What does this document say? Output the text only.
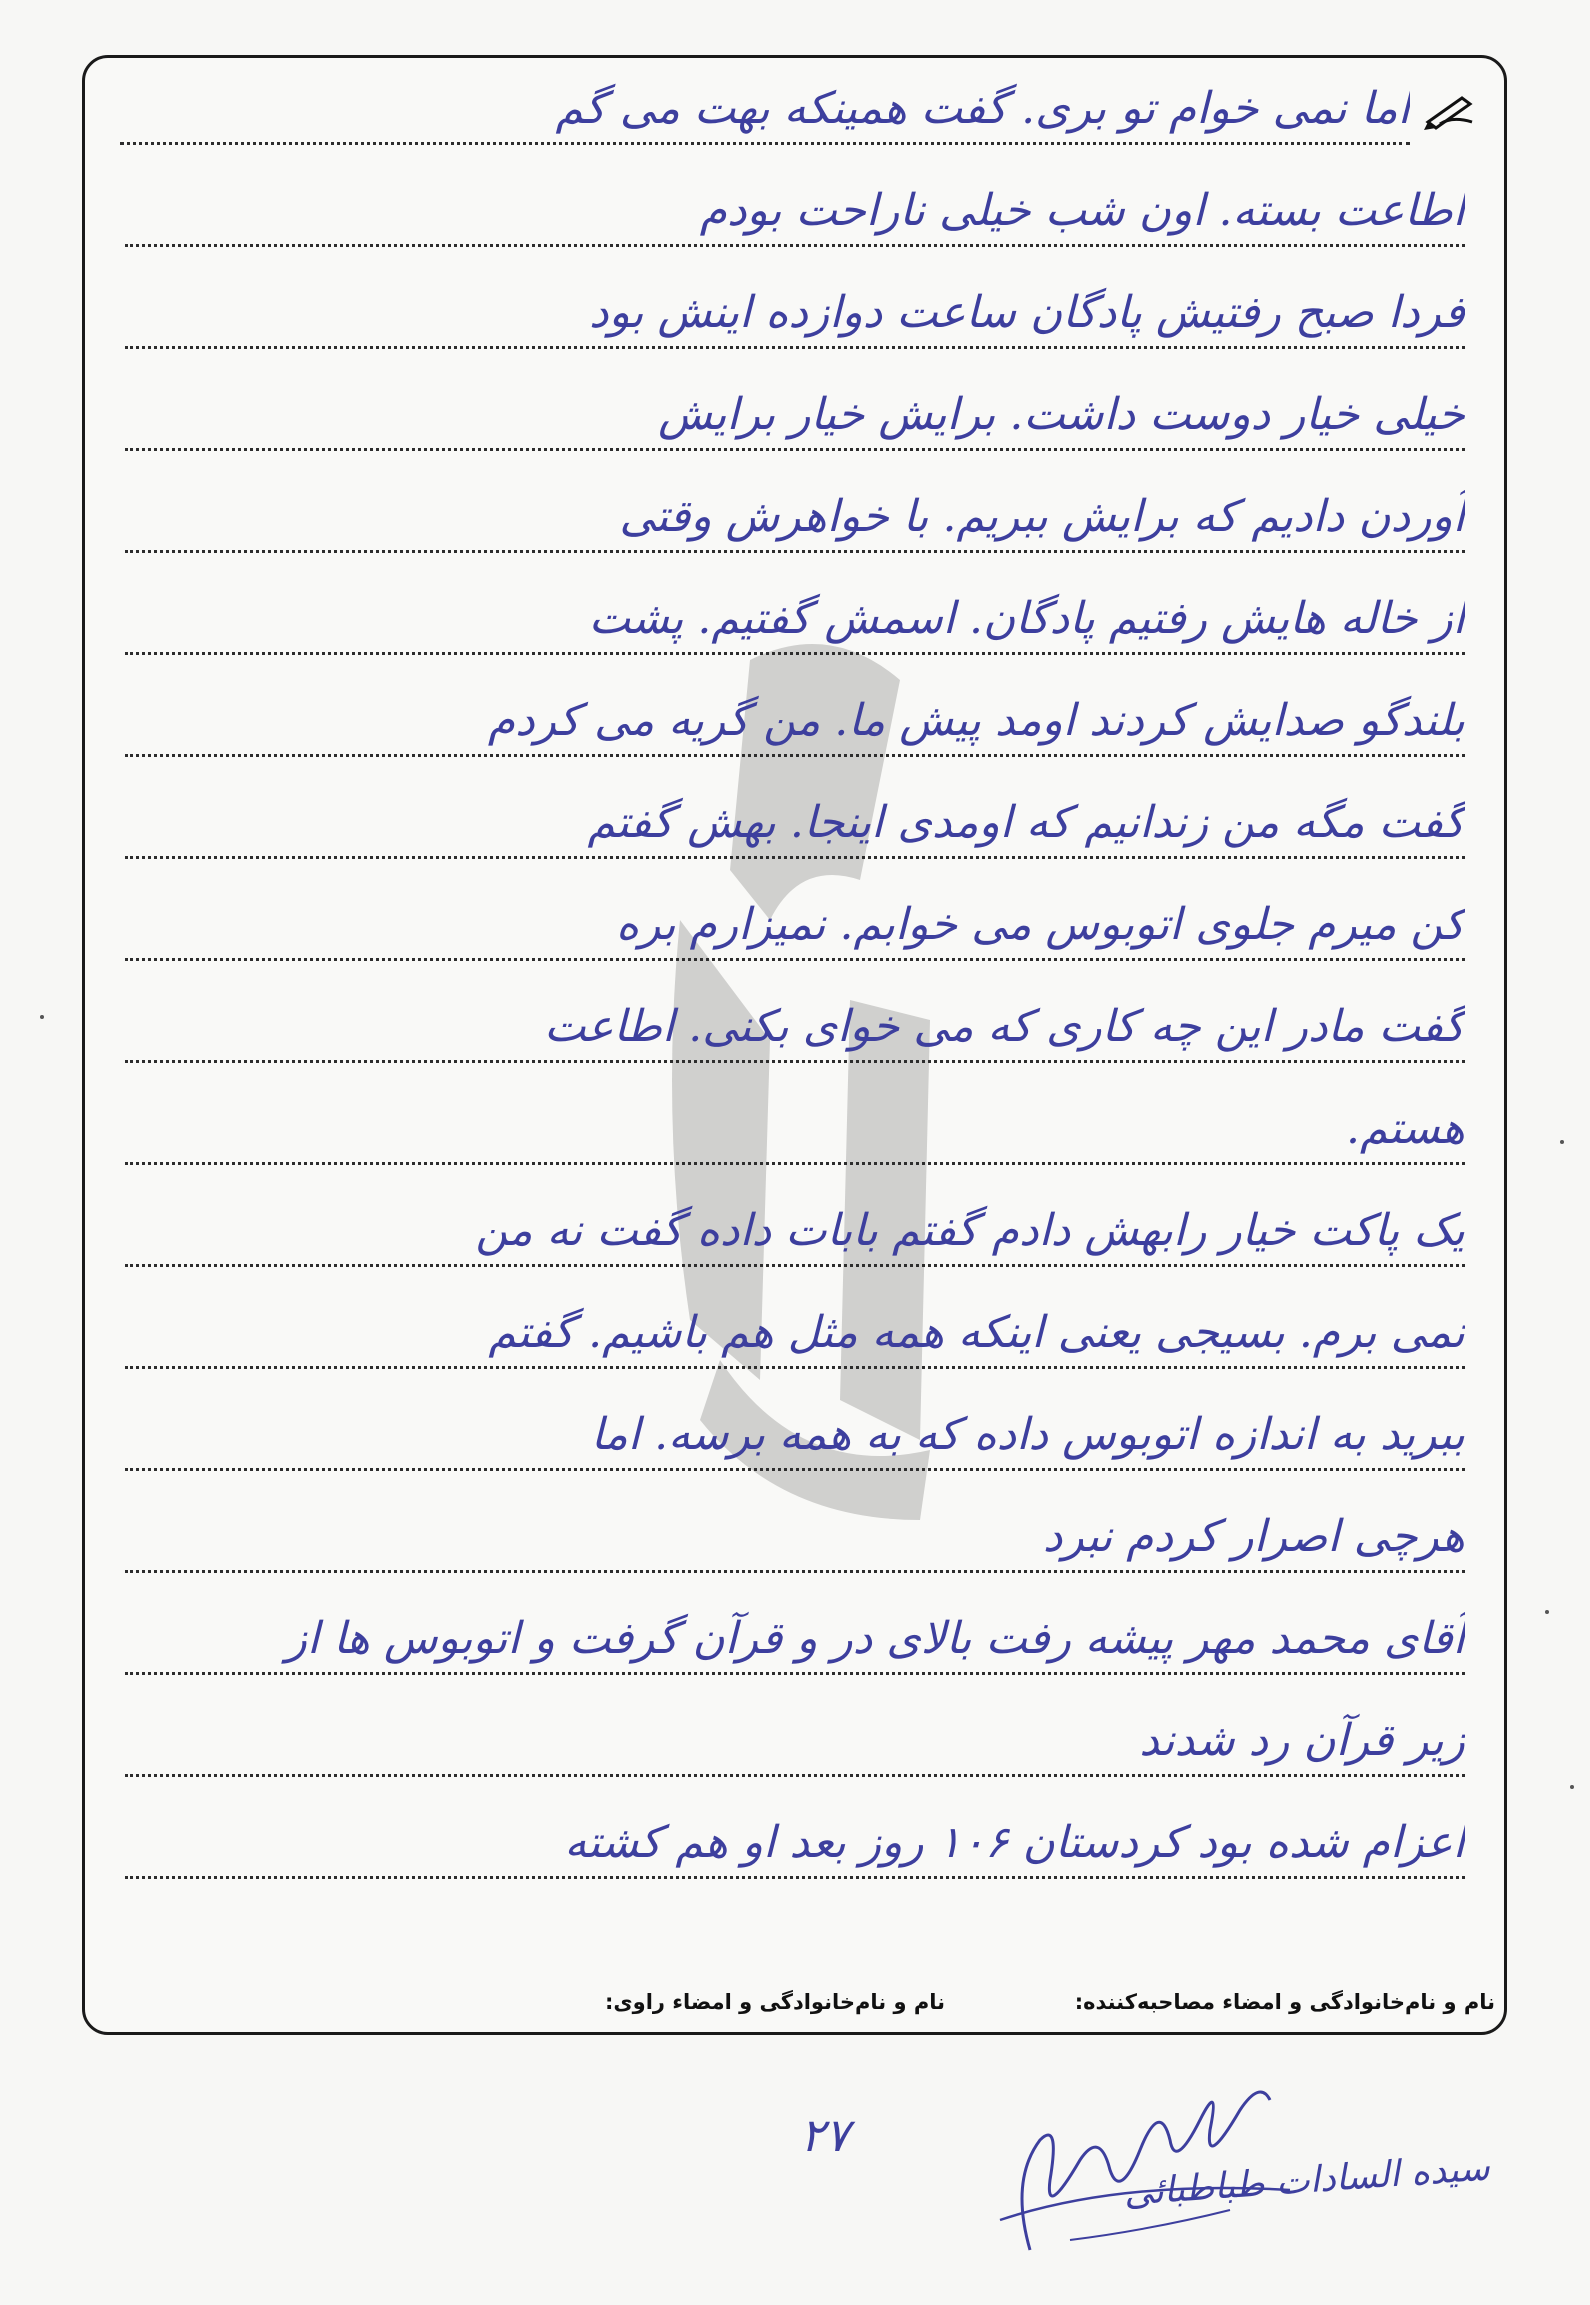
اما نمی خوام تو بری. گفت همینکه بهت می گم
اطاعت بسته. اون شب خیلی ناراحت بودم
فردا صبح رفتیش پادگان ساعت دوازده اینش بود
خیلی خیار دوست داشت. برایش خیار برایش
آوردن دادیم که برایش ببریم. با خواهرش وقتی
از خاله هایش رفتیم پادگان. اسمش گفتیم. پشت
بلندگو صدایش کردند اومد پیش ما. من گریه می کردم
گفت مگه من زندانیم که اومدی اینجا. بهش گفتم
کن میرم جلوی اتوبوس می خوابم. نمیزارم بره
گفت مادر این چه کاری که می خوای بکنی. اطاعت
هستم.
یک پاکت خیار رابهش دادم گفتم بابات داده گفت نه من
نمی برم. بسیجی یعنی اینکه همه مثل هم باشیم. گفتم
ببرید به اندازه اتوبوس داده که به همه برسه. اما
هرچی اصرار کردم نبرد
آقای محمد مهر پیشه رفت بالای در و قرآن گرفت و اتوبوس ها از
زیر قرآن رد شدند
اعزام شده بود کردستان ۱۰۶ روز بعد او هم کشته
نام و نام‌خانوادگی و امضاء مصاحبه‌کننده:
نام و نام‌خانوادگی و امضاء راوی:
۲۷
سیده السادات طباطبائی
